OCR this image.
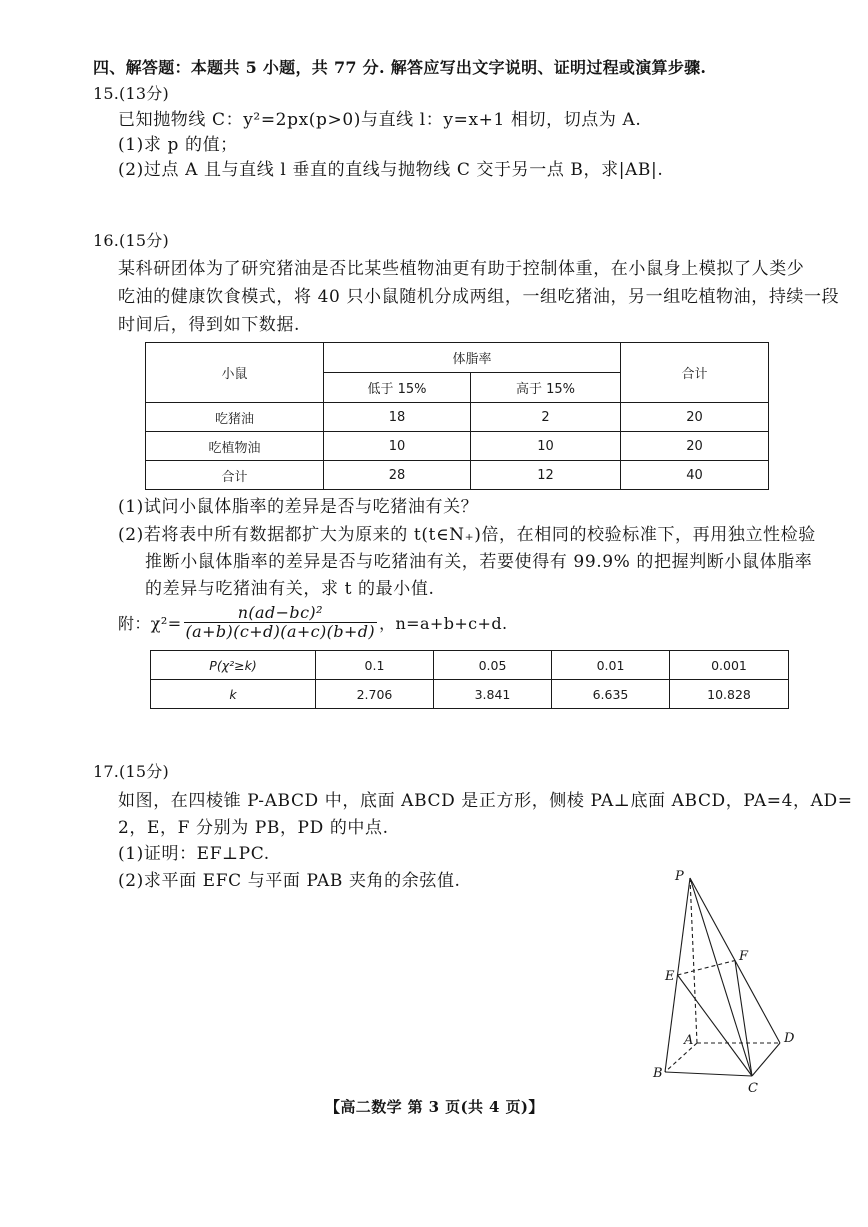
四、解答题：本题共 5 小题，共 77 分. 解答应写出文字说明、证明过程或演算步骤.
15.(13分)
已知抛物线 C：y²=2px(p>0)与直线 l：y=x+1 相切，切点为 A.
(1)求 p 的值；
(2)过点 A 且与直线 l 垂直的直线与抛物线 C 交于另一点 B，求|AB|.
16.(15分)
某科研团体为了研究猪油是否比某些植物油更有助于控制体重，在小鼠身上模拟了人类少
吃油的健康饮食模式，将 40 只小鼠随机分成两组，一组吃猪油，另一组吃植物油，持续一段
时间后，得到如下数据.
小鼠	体脂率		合计
	低于 15%	高于 15%	
吃猪油	18	2	20
吃植物油	10	10	20
合计	28	12	40
(1)试问小鼠体脂率的差异是否与吃猪油有关？
(2)若将表中所有数据都扩大为原来的 t(t∈N₊)倍，在相同的校验标准下，再用独立性检验
推断小鼠体脂率的差异是否与吃猪油有关，若要使得有 99.9% 的把握判断小鼠体脂率
的差异与吃猪油有关，求 t 的最小值.
附：$\chi^2= \frac{\text{n(ad−bc)²}}{(a+b)(c+d)(a+c)(b+d)}$ ，n=a+b+c+d.
P(χ²≥k)	0.1	0.05	0.01	0.001
k	2.706	3.841	6.635	10.828
17.(15分)
如图，在四棱锥 P-ABCD 中，底面 ABCD 是正方形，侧棱 PA⊥底面 ABCD，PA=4，AD=
2，E，F 分别为 PB，PD 的中点.
(1)证明：EF⊥PC.
(2)求平面 EFC 与平面 PAB 夹角的余弦值.	P
E
F
A	D
B
C
【高二数学 第 3 页(共 4 页)】
